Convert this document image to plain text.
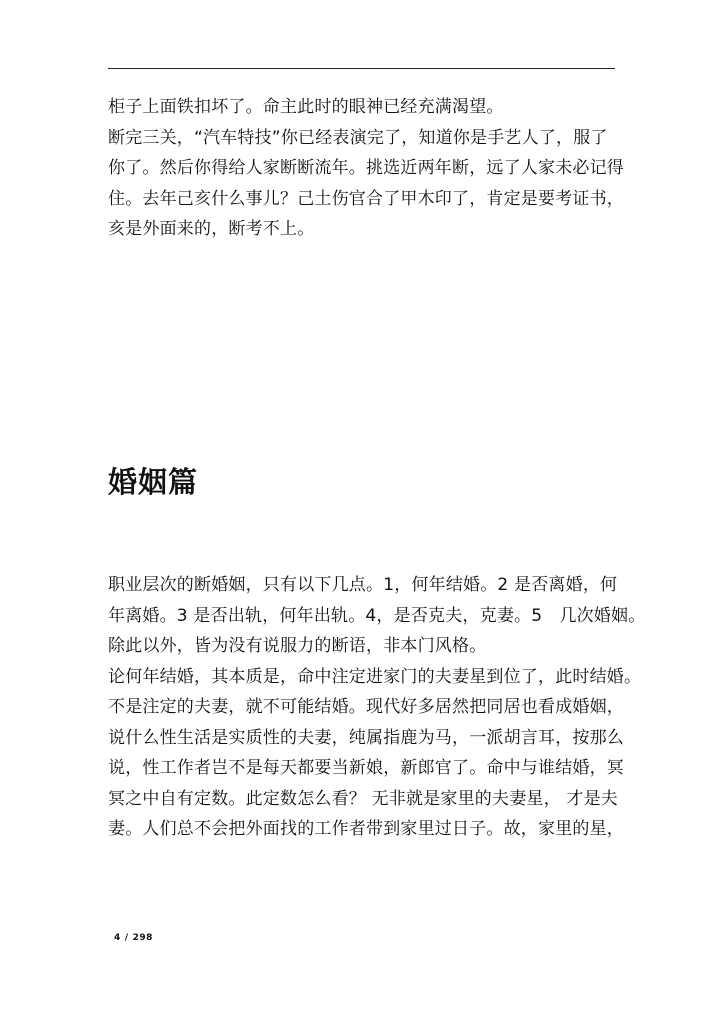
柜子上面铁扣坏了。命主此时的眼神已经充满渴望。

断完三关，“汽车特技”你已经表演完了，知道你是手艺人了，服了

你了。然后你得给人家断断流年。挑选近两年断，远了人家未必记得

住。去年己亥什么事儿？己土伤官合了甲木印了，肯定是要考证书，

亥是外面来的，断考不上。

婚姻篇

职业层次的断婚姻，只有以下几点。1，何年结婚。2 是否离婚，何

年离婚。3 是否出轨，何年出轨。4，是否克夫，克妻。5　几次婚姻。

除此以外，皆为没有说服力的断语，非本门风格。

论何年结婚，其本质是，命中注定进家门的夫妻星到位了，此时结婚。

不是注定的夫妻，就不可能结婚。现代好多居然把同居也看成婚姻，

说什么性生活是实质性的夫妻，纯属指鹿为马，一派胡言耳，按那么

说，性工作者岂不是每天都要当新娘，新郎官了。命中与谁结婚，冥

冥之中自有定数。此定数怎么看？ 无非就是家里的夫妻星， 才是夫

妻。人们总不会把外面找的工作者带到家里过日子。故，家里的星，

4 / 298
